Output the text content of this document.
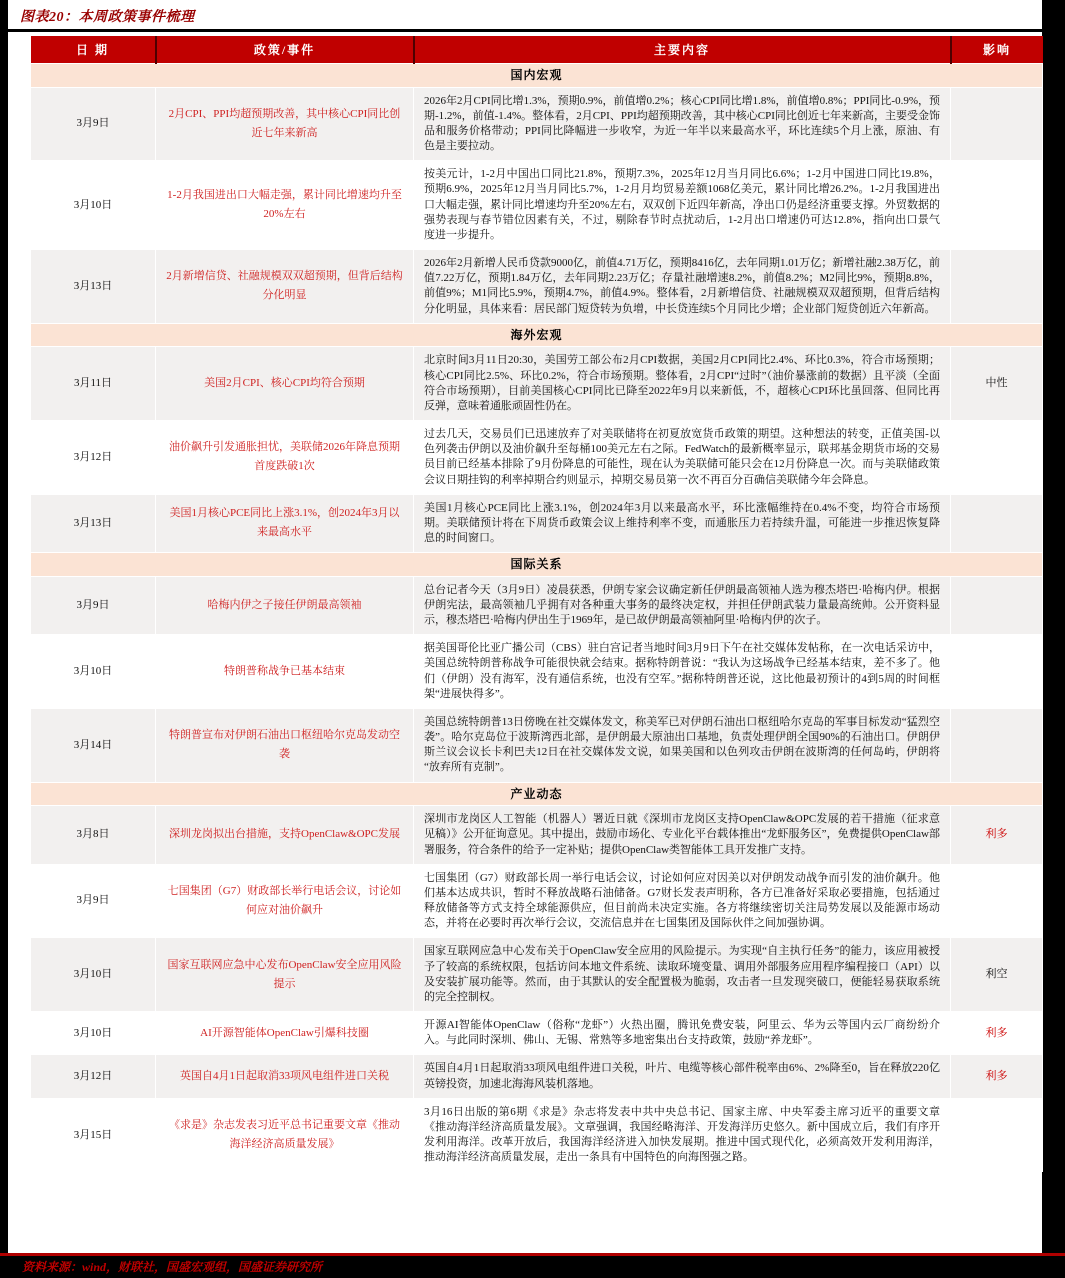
图表20：本周政策事件梳理
日 期	政策/事件	主要内容	影响
国内宏观			
3月9日	2月CPI、PPI均超预期改善，其中核心CPI同比创近七年来新高	2026年2月CPI同比增1.3%，预期0.9%，前值增0.2%；核心CPI同比增1.8%，前值增0.8%；PPI同比-0.9%，预期-1.2%，前值-1.4%。整体看，2月CPI、PPI均超预期改善，其中核心CPI同比创近七年来新高，主要受金饰品和服务价格带动；PPI同比降幅进一步收窄，为近一年半以来最高水平，环比连续5个月上涨，原油、有色是主要拉动。	
3月10日	1-2月我国进出口大幅走强，累计同比增速均升至20%左右	按美元计，1-2月中国出口同比21.8%，预期7.3%，2025年12月当月同比6.6%；1-2月中国进口同比19.8%，预期6.9%，2025年12月当月同比5.7%，1-2月月均贸易差额1068亿美元，累计同比增26.2%。1-2月我国进出口大幅走强，累计同比增速均升至20%左右，双双创下近四年新高，净出口仍是经济重要支撑。外贸数据的强势表现与春节错位因素有关，不过，剔除春节时点扰动后，1-2月出口增速仍可达12.8%，指向出口景气度进一步提升。	
3月13日	2月新增信贷、社融规模双双超预期，但背后结构分化明显	2026年2月新增人民币贷款9000亿，前值4.71万亿，预期8416亿，去年同期1.01万亿；新增社融2.38万亿，前值7.22万亿，预期1.84万亿，去年同期2.23万亿；存量社融增速8.2%，前值8.2%；M2同比9%，预期8.8%，前值9%；M1同比5.9%，预期4.7%，前值4.9%。整体看，2月新增信贷、社融规模双双超预期，但背后结构分化明显，具体来看：居民部门短贷转为负增，中长贷连续5个月同比少增；企业部门短贷创近六年新高。	
海外宏观			
3月11日	美国2月CPI、核心CPI均符合预期	北京时间3月11日20:30，美国劳工部公布2月CPI数据，美国2月CPI同比2.4%、环比0.3%，符合市场预期；核心CPI同比2.5%、环比0.2%，符合市场预期。整体看，2月CPI“过时”（油价暴涨前的数据）且平淡（全面符合市场预期），目前美国核心CPI同比已降至2022年9月以来新低，不，超核心CPI环比虽回落、但同比再反弹，意味着通胀顽固性仍在。	中性
3月12日	油价飙升引发通胀担忧，美联储2026年降息预期首度跌破1次	过去几天，交易员们已迅速放弃了对美联储将在初夏放宽货币政策的期望。这种想法的转变，正值美国-以色列袭击伊朗以及油价飙升至每桶100美元左右之际。FedWatch的最新概率显示，联邦基金期货市场的交易员目前已经基本排除了9月份降息的可能性，现在认为美联储可能只会在12月份降息一次。而与美联储政策会议日期挂钩的利率掉期合约则显示，掉期交易员第一次不再百分百确信美联储今年会降息。	
3月13日	美国1月核心PCE同比上涨3.1%，创2024年3月以来最高水平	美国1月核心PCE同比上涨3.1%，创2024年3月以来最高水平，环比涨幅维持在0.4%不变，均符合市场预期。美联储预计将在下周货币政策会议上维持利率不变，而通胀压力若持续升温，可能进一步推迟恢复降息的时间窗口。	
国际关系			
3月9日	哈梅内伊之子接任伊朗最高领袖	总台记者今天（3月9日）凌晨获悉，伊朗专家会议确定新任伊朗最高领袖人选为穆杰塔巴·哈梅内伊。根据伊朗宪法，最高领袖几乎拥有对各种重大事务的最终决定权，并担任伊朗武装力量最高统帅。公开资料显示，穆杰塔巴·哈梅内伊出生于1969年，是已故伊朗最高领袖阿里·哈梅内伊的次子。	
3月10日	特朗普称战争已基本结束	据美国哥伦比亚广播公司（CBS）驻白宫记者当地时间3月9日下午在社交媒体发帖称，在一次电话采访中，美国总统特朗普称战争可能很快就会结束。据称特朗普说：“我认为这场战争已经基本结束，差不多了。他们（伊朗）没有海军，没有通信系统，也没有空军。”据称特朗普还说，这比他最初预计的4到5周的时间框架“进展快得多”。	
3月14日	特朗普宣布对伊朗石油出口枢纽哈尔克岛发动空袭	美国总统特朗普13日傍晚在社交媒体发文，称美军已对伊朗石油出口枢纽哈尔克岛的军事目标发动“猛烈空袭”。哈尔克岛位于波斯湾西北部，是伊朗最大原油出口基地，负责处理伊朗全国90%的石油出口。伊朗伊斯兰议会议长卡利巴夫12日在社交媒体发文说，如果美国和以色列攻击伊朗在波斯湾的任何岛屿，伊朗将“放弃所有克制”。	
产业动态			
3月8日	深圳龙岗拟出台措施，支持OpenClaw&OPC发展	深圳市龙岗区人工智能（机器人）署近日就《深圳市龙岗区支持OpenClaw&OPC发展的若干措施（征求意见稿）》公开征询意见。其中提出，鼓励市场化、专业化平台载体推出“龙虾服务区”，免费提供OpenClaw部署服务，符合条件的给予一定补贴；提供OpenClaw类智能体工具开发推广支持。	利多
3月9日	七国集团（G7）财政部长举行电话会议，讨论如何应对油价飙升	七国集团（G7）财政部长周一举行电话会议，讨论如何应对因美以对伊朗发动战争而引发的油价飙升。他们基本达成共识，暂时不释放战略石油储备。G7财长发表声明称，各方已准备好采取必要措施，包括通过释放储备等方式支持全球能源供应，但目前尚未决定实施。各方将继续密切关注局势发展以及能源市场动态，并将在必要时再次举行会议，交流信息并在七国集团及国际伙伴之间加强协调。	
3月10日	国家互联网应急中心发布OpenClaw安全应用风险提示	国家互联网应急中心发布关于OpenClaw安全应用的风险提示。为实现“自主执行任务”的能力，该应用被授予了较高的系统权限，包括访问本地文件系统、读取环境变量、调用外部服务应用程序编程接口（API）以及安装扩展功能等。然而，由于其默认的安全配置极为脆弱，攻击者一旦发现突破口，便能轻易获取系统的完全控制权。	利空
3月10日	AI开源智能体OpenClaw引爆科技圈	开源AI智能体OpenClaw（俗称“龙虾”）火热出圈，腾讯免费安装，阿里云、华为云等国内云厂商纷纷介入。与此同时深圳、佛山、无锡、常熟等多地密集出台支持政策，鼓励“养龙虾”。	利多
3月12日	英国自4月1日起取消33项风电组件进口关税	英国自4月1日起取消33项风电组件进口关税，叶片、电缆等核心部件税率由6%、2%降至0，旨在释放220亿英镑投资，加速北海海风装机落地。	利多
3月15日	《求是》杂志发表习近平总书记重要文章《推动海洋经济高质量发展》	3月16日出版的第6期《求是》杂志将发表中共中央总书记、国家主席、中央军委主席习近平的重要文章《推动海洋经济高质量发展》。文章强调，我国经略海洋、开发海洋历史悠久。新中国成立后，我们有序开发利用海洋。改革开放后，我国海洋经济进入加快发展期。推进中国式现代化，必须高效开发利用海洋，推动海洋经济高质量发展，走出一条具有中国特色的向海图强之路。	
资料来源：wind，财联社，国盛宏观组，国盛证券研究所
